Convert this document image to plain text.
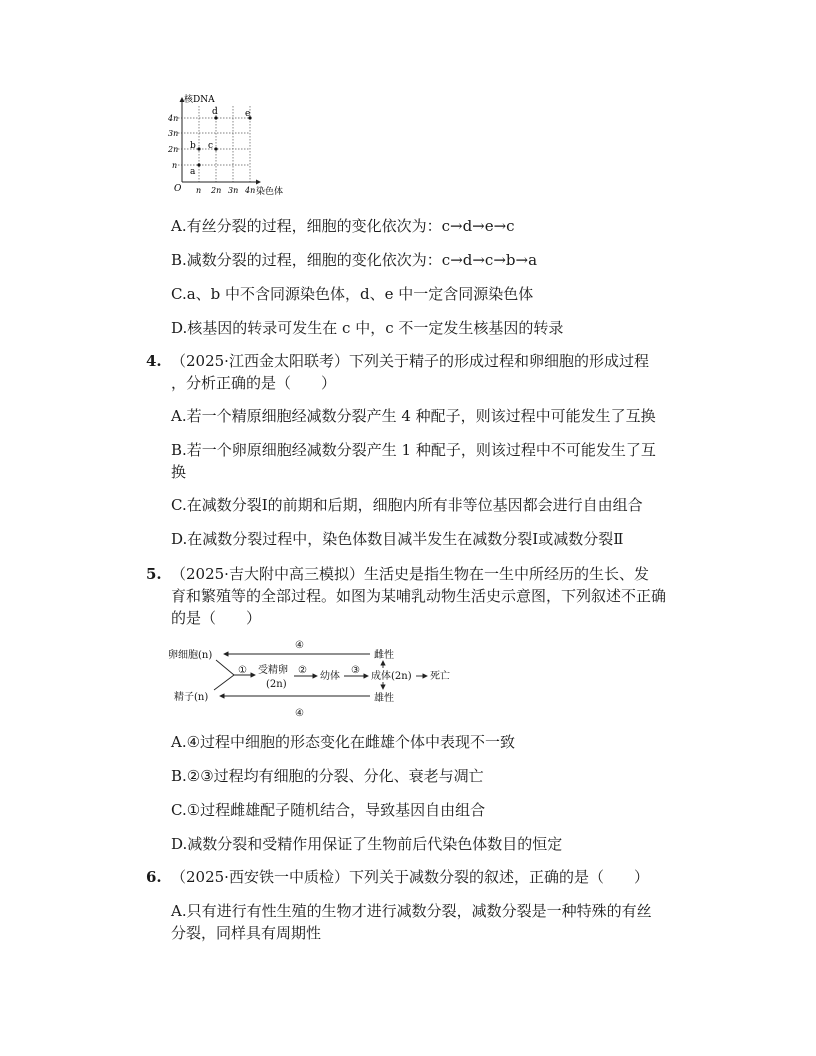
核DNA
染色体
O
4n
3n
2n
n
n 2n 3n 4n
a
b c
d	e
A.有丝分裂的过程，细胞的变化依次为：c→d→e→c
B.减数分裂的过程，细胞的变化依次为：c→d→c→b→a
C.a、b 中不含同源染色体，d、e 中一定含同源染色体
D.核基因的转录可发生在 c 中，c 不一定发生核基因的转录
4. （2025·江西金太阳联考）下列关于精子的形成过程和卵细胞的形成过程
，分析正确的是（　　）
A.若一个精原细胞经减数分裂产生 4 种配子，则该过程中可能发生了互换
B.若一个卵原细胞经减数分裂产生 1 种配子，则该过程中不可能发生了互
换
C.在减数分裂Ⅰ的前期和后期，细胞内所有非等位基因都会进行自由组合
D.在减数分裂过程中，染色体数目减半发生在减数分裂Ⅰ或减数分裂Ⅱ
5. （2025·吉大附中高三模拟）生活史是指生物在一生中所经历的生长、发
育和繁殖等的全部过程。如图为某哺乳动物生活史示意图，下列叙述不正确
的是（　　）
卵细胞(n)
精子(n)
受精卵
(2n)
幼体	成体(2n) 死亡
雌性
雄性
①	②	③
④
④
A.④过程中细胞的形态变化在雌雄个体中表现不一致
B.②③过程均有细胞的分裂、分化、衰老与凋亡
C.①过程雌雄配子随机结合，导致基因自由组合
D.减数分裂和受精作用保证了生物前后代染色体数目的恒定
6. （2025·西安铁一中质检）下列关于减数分裂的叙述，正确的是（　　）
A.只有进行有性生殖的生物才进行减数分裂，减数分裂是一种特殊的有丝
分裂，同样具有周期性
